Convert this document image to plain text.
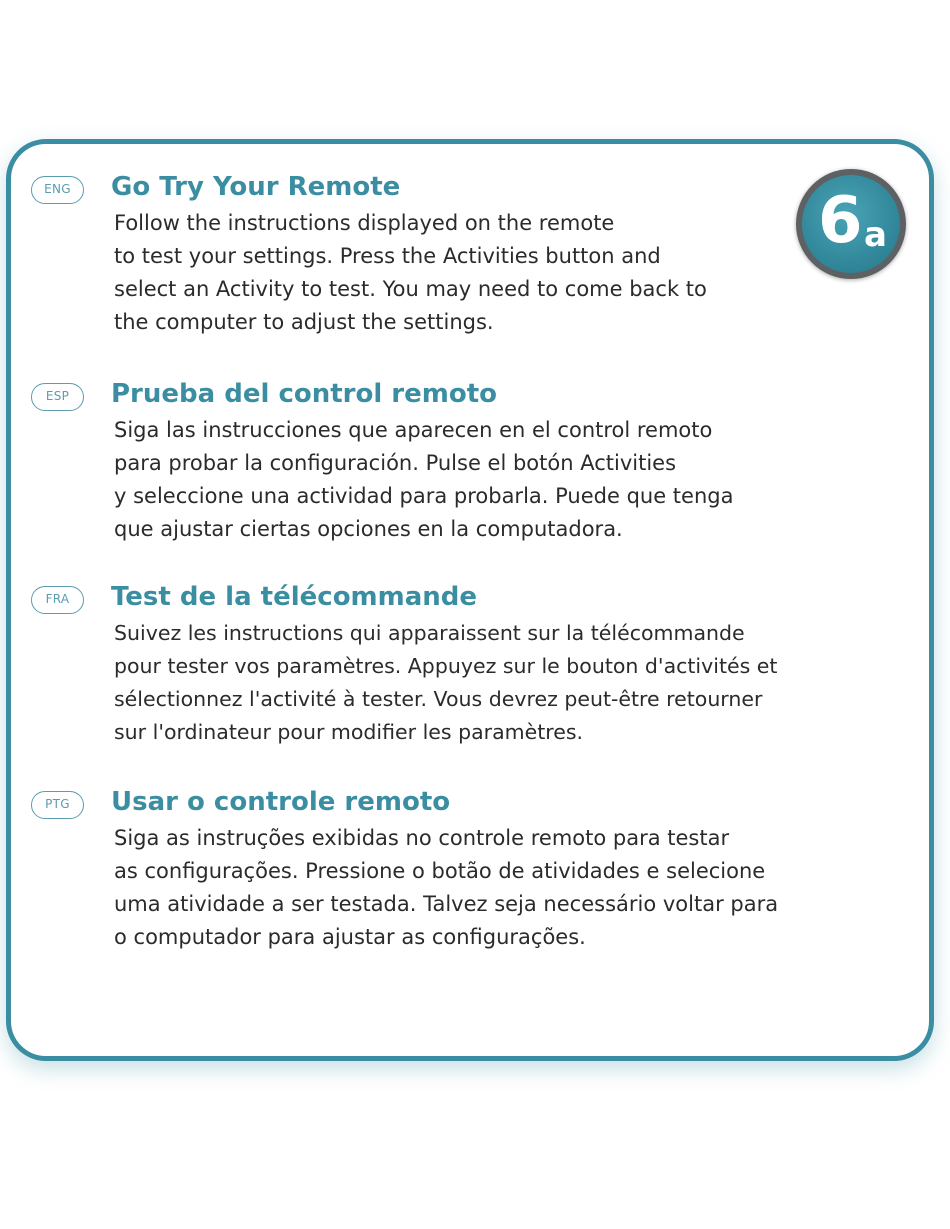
6 a
ENG	Go Try Your Remote

Follow the instructions displayed on the remote
to test your settings. Press the Activities button and
select an Activity to test. You may need to come back to
the computer to adjust the settings.

ESP	Prueba del control remoto

Siga las instrucciones que aparecen en el control remoto
para probar la configuración. Pulse el botón Activities
y seleccione una actividad para probarla. Puede que tenga
que ajustar ciertas opciones en la computadora.

FRA	Test de la télécommande

Suivez les instructions qui apparaissent sur la télécommande
pour tester vos paramètres. Appuyez sur le bouton d'activités et
sélectionnez l'activité à tester. Vous devrez peut-être retourner
sur l'ordinateur pour modifier les paramètres.

PTG	Usar o controle remoto

Siga as instruções exibidas no controle remoto para testar
as configurações. Pressione o botão de atividades e selecione
uma atividade a ser testada. Talvez seja necessário voltar para
o computador para ajustar as configurações.
